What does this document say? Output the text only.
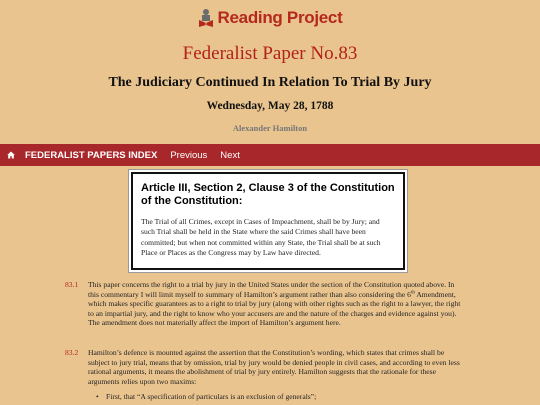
Reading Project
Federalist Paper No.83
The Judiciary Continued In Relation To Trial By Jury
Wednesday, May 28, 1788
Alexander Hamilton
FEDERALIST PAPERS INDEX Previous Next

Article III, Section 2, Clause 3 of the Constitution of the Constitution:

The Trial of all Crimes, except in Cases of Impeachment, shall be by Jury; and such Trial shall be held in the State where the said Crimes shall have been committed; but when not committed within any State, the Trial shall be at such Place or Places as the Congress may by Law have directed.

83.1 This paper concerns the right to a trial by jury in the United States under the section of the Constitution quoted above. In this commentary I will limit myself to summary of Hamilton’s argument rather than also considering the 6th Amendment, which makes specific guarantees as to a right to trial by jury (along with other rights such as the right to a lawyer, the right to an impartial jury, and the right to know who your accusers are and the nature of the charges and evidence against you). The amendment does not materially affect the import of Hamilton’s argument here.
83.2 Hamilton’s defence is mounted against the assertion that the Constitution’s wording, which states that crimes shall be subject to jury trial, means that by omission, trial by jury would be denied people in civil cases, and according to even less rational arguments, it means the abolishment of trial by jury entirely. Hamilton suggests that the rationale for these arguments relies upon two maxims:
• First, that “A specification of particulars is an exclusion of generals”;
